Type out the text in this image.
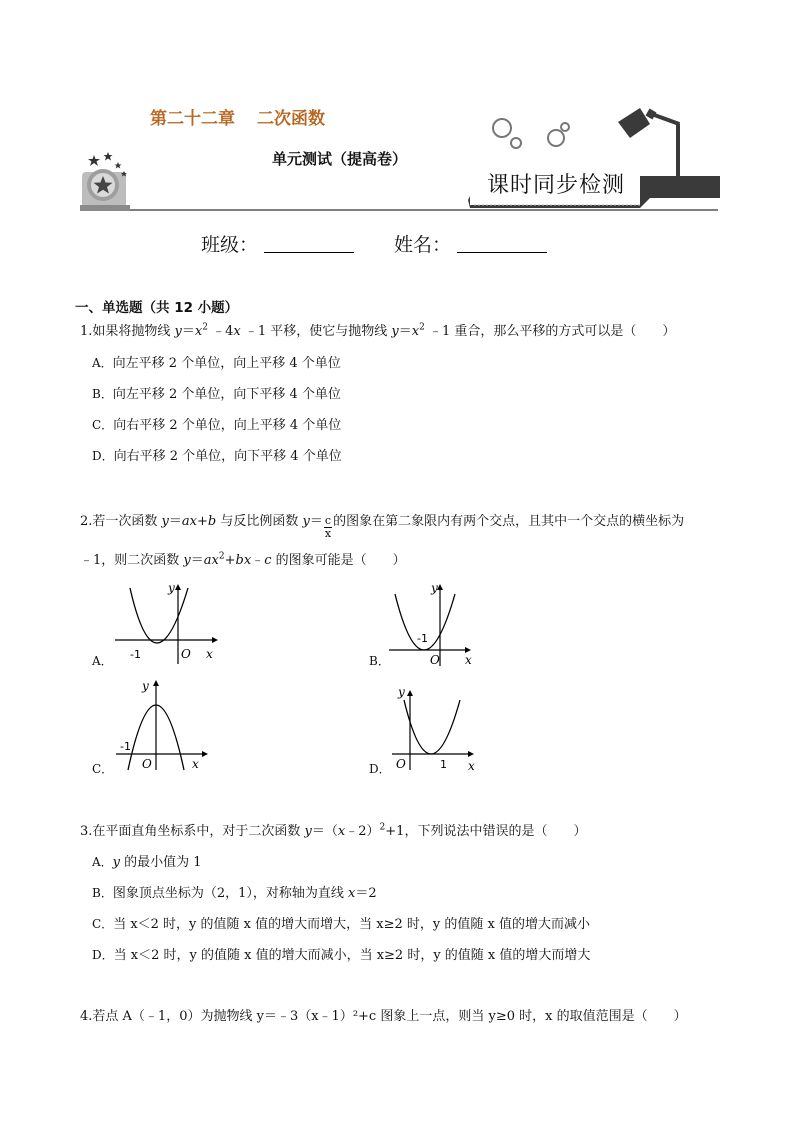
第二十二章 二次函数
单元测试（提高卷）
课时同步检测
班级：	姓名：
一、单选题（共 12 小题）
1.如果将抛物线 $y=x^2$ ﹣4x ﹣1 平移，使它与抛物线 $y=x^2$ ﹣1 重合，那么平移的方式可以是（　　）
A．向左平移 2 个单位，向上平移 4 个单位
B．向左平移 2 个单位，向下平移 4 个单位
C．向右平移 2 个单位，向上平移 4 个单位
D．向右平移 2 个单位，向下平移 4 个单位
2.若一次函数 y＝ax+b 与反比例函数 $y= \frac{c}{x}$ 的图象在第二象限内有两个交点，且其中一个交点的横坐标为
﹣1，则二次函数 $y=ax^2+bx﹣c$ 的图象可能是（　　）
A．
y
x
O
-1	B．
y
x
O
-1
C．
y
x
O
-1
D．
y
x
O	1
3.在平面直角坐标系中，对于二次函数 y＝（x﹣2）$^2$+1，下列说法中错误的是（　　）
A．y 的最小值为 1
B．图象顶点坐标为（2，1），对称轴为直线 x＝2
C．当 x＜2 时，y 的值随 x 值的增大而增大，当 x≥2 时，y 的值随 x 值的增大而减小
D．当 x＜2 时，y 的值随 x 值的增大而减小，当 x≥2 时，y 的值随 x 值的增大而增大
4.若点 A（﹣1，0）为抛物线 y＝﹣3（x﹣1）²+c 图象上一点，则当 y≥0 时，x 的取值范围是（　　）
